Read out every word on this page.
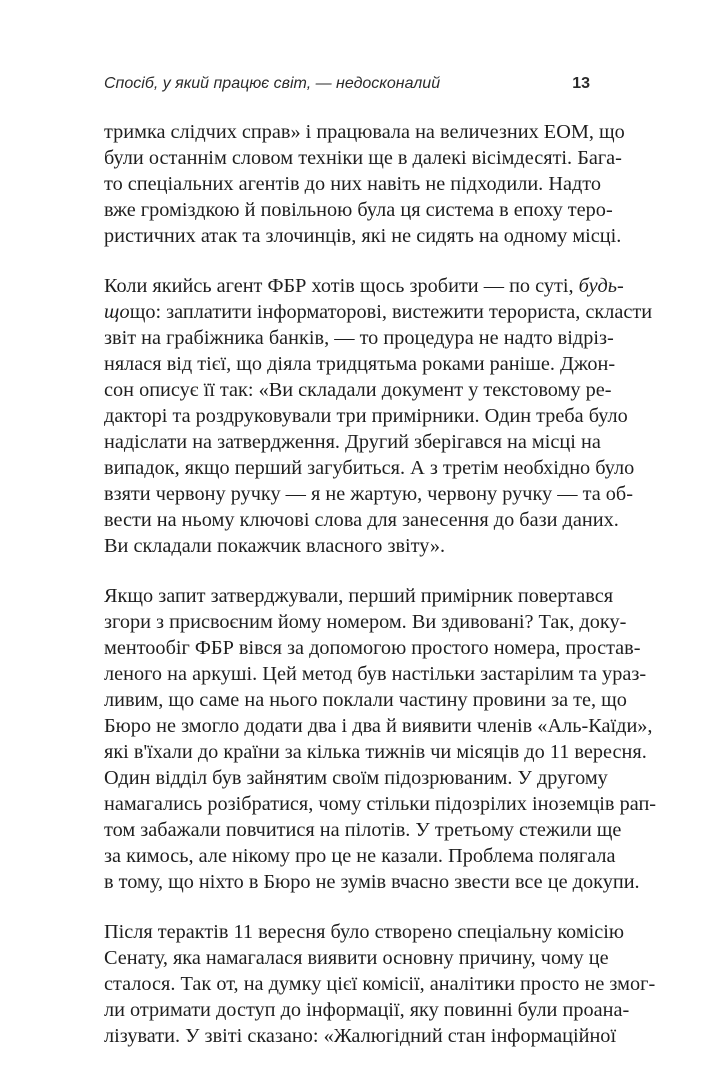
Спосіб, у який працює світ, — недосконалий	13

тримка слідчих справ» і працювала на величезних ЕОМ, що
були останнім словом техніки ще в далекі вісімдесяті. Бага-
то спеціальних агентів до них навіть не підходили. Надто
вже громіздкою й повільною була ця система в епоху теро-
ристичних атак та злочинців, які не сидять на одному місці.

Коли якийсь агент ФБР хотів щось зробити — по суті, будь-
щощо: заплатити інформаторові, вистежити терориста, скласти
звіт на грабіжника банків, — то процедура не надто відріз-
нялася від тієї, що діяла тридцятьма роками раніше. Джон-
сон описує її так: «Ви складали документ у текстовому ре-
дакторі та роздруковували три примірники. Один треба було
надіслати на затвердження. Другий зберігався на місці на
випадок, якщо перший загубиться. А з третім необхідно було
взяти червону ручку — я не жартую, червону ручку — та об-
вести на ньому ключові слова для занесення до бази даних.
Ви складали покажчик власного звіту».

Якщо запит затверджували, перший примірник повертався
згори з присвоєним йому номером. Ви здивовані? Так, доку-
ментообіг ФБР вівся за допомогою простого номера, простав-
леного на аркуші. Цей метод був настільки застарілим та ураз-
ливим, що саме на нього поклали частину провини за те, що
Бюро не змогло додати два і два й виявити членів «Аль-Каїди»,
які в'їхали до країни за кілька тижнів чи місяців до 11 вересня.
Один відділ був зайнятим своїм підозрюваним. У другому
намагались розібратися, чому стільки підозрілих іноземців рап-
том забажали повчитися на пілотів. У третьому стежили ще
за кимось, але нікому про це не казали. Проблема полягала
в тому, що ніхто в Бюро не зумів вчасно звести все це докупи.

Після терактів 11 вересня було створено спеціальну комісію
Сенату, яка намагалася виявити основну причину, чому це
сталося. Так от, на думку цієї комісії, аналітики просто не змог-
ли отримати доступ до інформації, яку повинні були проана-
лізувати. У звіті сказано: «Жалюгідний стан інформаційної
